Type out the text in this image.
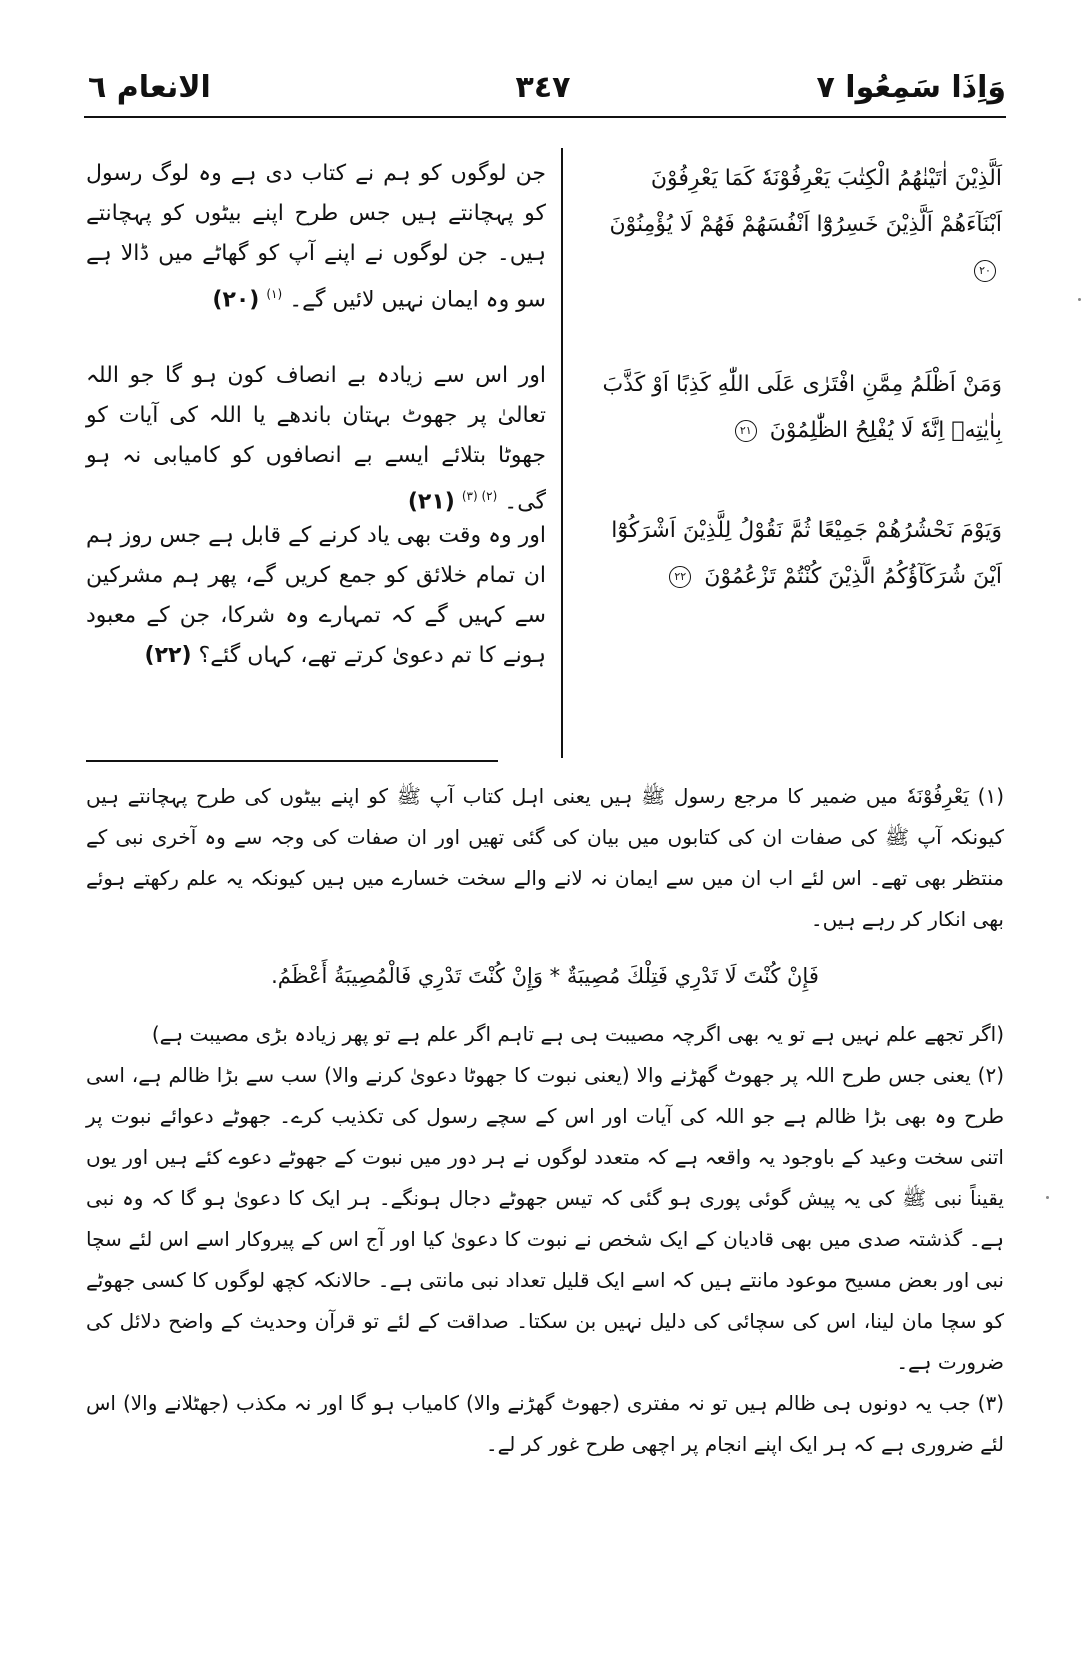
وَاِذَا سَمِعُوا ٧
٣٤٧
الانعام ٦
اَلَّذِيْنَ اٰتَيْنٰهُمُ الْكِتٰبَ يَعْرِفُوْنَهٗ كَمَا يَعْرِفُوْنَ اَبْنَآءَهُمْ اَلَّذِيْنَ خَسِرُوْٓا اَنْفُسَهُمْ فَهُمْ لَا يُؤْمِنُوْنَ ٢٠
وَمَنْ اَظْلَمُ مِمَّنِ افْتَرٰى عَلَى اللّٰهِ كَذِبًا اَوْ كَذَّبَ بِاٰيٰتِهٖ اِنَّهٗ لَا يُفْلِحُ الظّٰلِمُوْنَ ٢١
وَيَوْمَ نَحْشُرُهُمْ جَمِيْعًا ثُمَّ نَقُوْلُ لِلَّذِيْنَ اَشْرَكُوْٓا اَيْنَ شُرَكَآؤُكُمُ الَّذِيْنَ كُنْتُمْ تَزْعُمُوْنَ ٢٢

جن لوگوں کو ہم نے کتاب دی ہے وہ لوگ رسول کو پہچانتے ہیں جس طرح اپنے بیٹوں کو پہچانتے ہیں۔ جن لوگوں نے اپنے آپ کو گھاٹے میں ڈالا ہے سو وہ ایمان نہیں لائیں گے۔ $^{(١)}$ (٢٠)

اور اس سے زیادہ بے انصاف کون ہو گا جو اللہ تعالیٰ پر جھوٹ بہتان باندھے یا اللہ کی آیات کو جھوٹا بتلائے ایسے بے انصافوں کو کامیابی نہ ہو گی۔ $^{(٢) (٣)}$ (٢١)

اور وہ وقت بھی یاد کرنے کے قابل ہے جس روز ہم ان تمام خلائق کو جمع کریں گے، پھر ہم مشرکین سے کہیں گے کہ تمہارے وہ شرکا، جن کے معبود ہونے کا تم دعویٰ کرتے تھے، کہاں گئے؟ (٢٢)

(١) يَعْرِفُوْنَهٗ میں ضمیر کا مرجع رسول ﷺ ہیں یعنی اہل کتاب آپ ﷺ کو اپنے بیٹوں کی طرح پہچانتے ہیں کیونکہ آپ ﷺ کی صفات ان کی کتابوں میں بیان کی گئی تھیں اور ان صفات کی وجہ سے وہ آخری نبی کے منتظر بھی تھے۔ اس لئے اب ان میں سے ایمان نہ لانے والے سخت خسارے میں ہیں کیونکہ یہ علم رکھتے ہوئے بھی انکار کر رہے ہیں۔

فَإِنْ كُنْتَ لَا تَدْرِي فَتِلْكَ مُصِيبَةٌ * وَإِنْ كُنْتَ تَدْرِي فَالْمُصِيبَةُ أَعْظَمُ.

(اگر تجھے علم نہیں ہے تو یہ بھی اگرچہ مصیبت ہی ہے تاہم اگر علم ہے تو پھر زیادہ بڑی مصیبت ہے)

(٢) یعنی جس طرح اللہ پر جھوٹ گھڑنے والا (یعنی نبوت کا جھوٹا دعویٰ کرنے والا) سب سے بڑا ظالم ہے، اسی طرح وہ بھی بڑا ظالم ہے جو اللہ کی آیات اور اس کے سچے رسول کی تکذیب کرے۔ جھوٹے دعوائے نبوت پر اتنی سخت وعید کے باوجود یہ واقعہ ہے کہ متعدد لوگوں نے ہر دور میں نبوت کے جھوٹے دعوے کئے ہیں اور یوں یقیناً نبی ﷺ کی یہ پیش گوئی پوری ہو گئی کہ تیس جھوٹے دجال ہونگے۔ ہر ایک کا دعویٰ ہو گا کہ وہ نبی ہے۔ گذشتہ صدی میں بھی قادیان کے ایک شخص نے نبوت کا دعویٰ کیا اور آج اس کے پیروکار اسے اس لئے سچا نبی اور بعض مسیح موعود مانتے ہیں کہ اسے ایک قلیل تعداد نبی مانتی ہے۔ حالانکہ کچھ لوگوں کا کسی جھوٹے کو سچا مان لینا، اس کی سچائی کی دلیل نہیں بن سکتا۔ صداقت کے لئے تو قرآن وحدیث کے واضح دلائل کی ضرورت ہے۔

(٣) جب یہ دونوں ہی ظالم ہیں تو نہ مفتری (جھوٹ گھڑنے والا) کامیاب ہو گا اور نہ مکذب (جھٹلانے والا) اس لئے ضروری ہے کہ ہر ایک اپنے انجام پر اچھی طرح غور کر لے۔
